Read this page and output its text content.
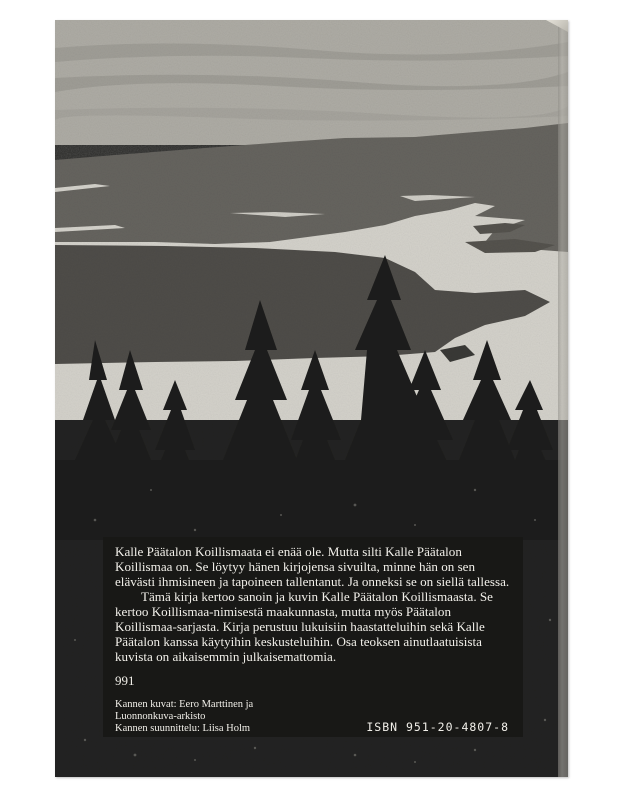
Kalle Päätalon Koillismaata ei enää ole. Mutta silti Kalle Päätalon Koillismaa on. Se löytyy hänen kirjojensa sivuilta, minne hän on sen elävästi ihmisineen ja tapoineen tallentanut. Ja onneksi se on siellä tallessa.

Tämä kirja kertoo sanoin ja kuvin Kalle Päätalon Koillismaasta. Se kertoo Koillismaa-nimisestä maakunnasta, mutta myös Päätalon Koillismaa-sarjasta. Kirja perustuu lukuisiin haastatteluihin sekä Kalle Päätalon kanssa käytyihin keskusteluihin. Osa teoksen ainutlaatuisista kuvista on aikaisemmin julkaisemattomia.

991
Kannen kuvat: Eero Marttinen ja
Luonnonkuva-arkisto
Kannen suunnittelu: Liisa Holm	ISBN 951-20-4807-8
